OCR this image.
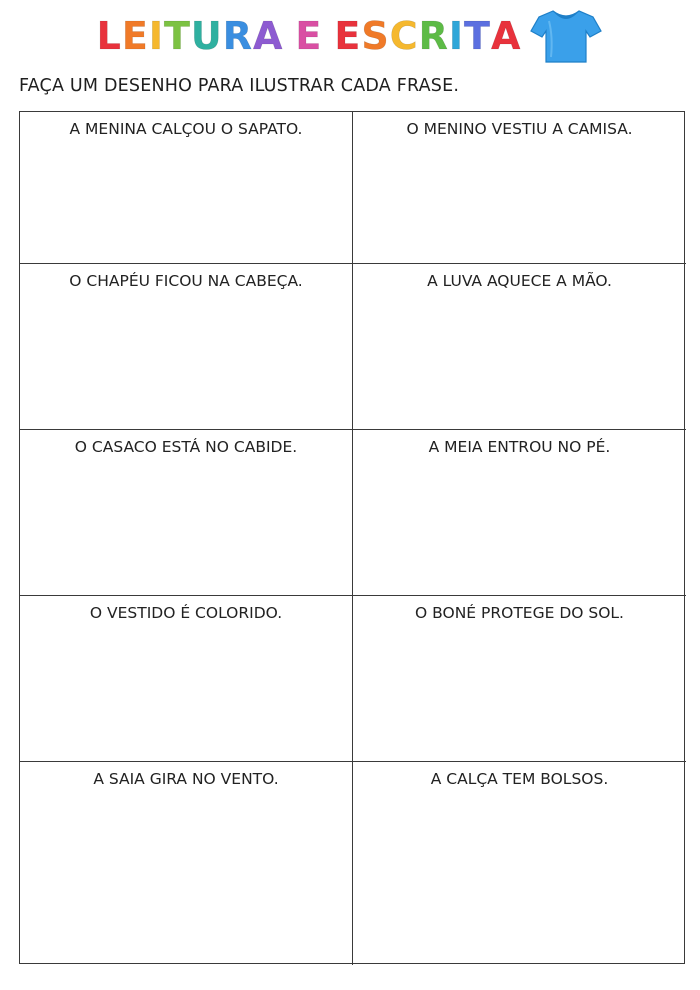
LEITURA E ESCRITA
FAÇA UM DESENHO PARA ILUSTRAR CADA FRASE.
A MENINA CALÇOU O SAPATO.	O MENINO VESTIU A CAMISA.
O CHAPÉU FICOU NA CABEÇA.	A LUVA AQUECE A MÃO.
O CASACO ESTÁ NO CABIDE.	A MEIA ENTROU NO PÉ.
O VESTIDO É COLORIDO.	O BONÉ PROTEGE DO SOL.
A SAIA GIRA NO VENTO.	A CALÇA TEM BOLSOS.
